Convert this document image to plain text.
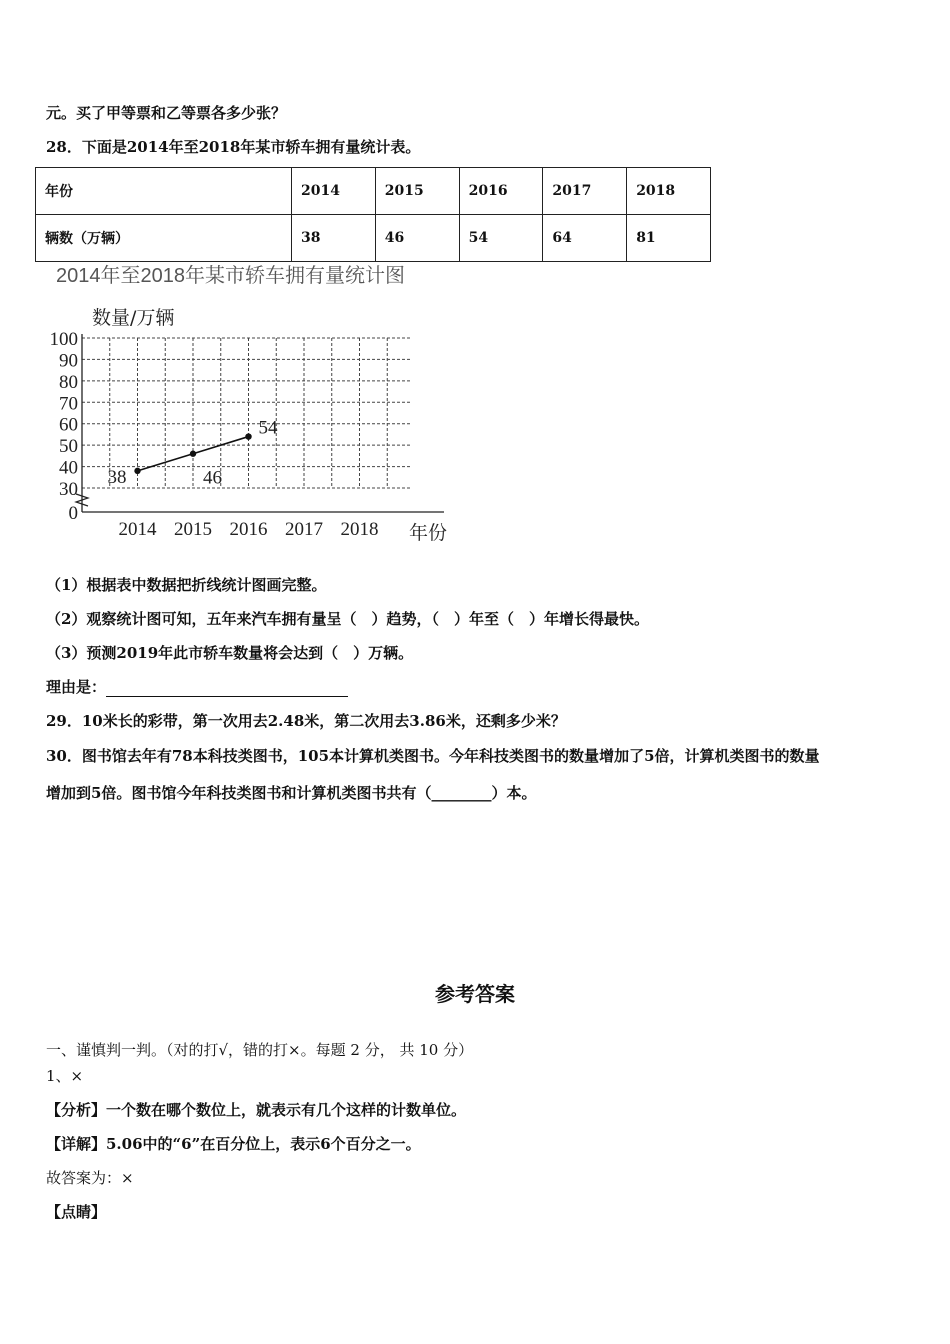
元。买了甲等票和乙等票各多少张？
28．下面是2014年至2018年某市轿车拥有量统计表。
年份	2014	2015	2016	2017	2018
辆数（万辆）	38	46	54	64	81
2014年至2018年某市轿车拥有量统计图
数量/万辆
年份
0
30
40
50
60
70
80
90
100
2014 2015 2016 2017 2018
38	46
54
（1）根据表中数据把折线统计图画完整。
（2）观察统计图可知，五年来汽车拥有量呈（　）趋势，（　）年至（　）年增长得最快。
（3）预测2019年此市轿车数量将会达到（　）万辆。
理由是：
29．10米长的彩带，第一次用去2.48米，第二次用去3.86米，还剩多少米？
30．图书馆去年有78本科技类图书，105本计算机类图书。今年科技类图书的数量增加了5倍，计算机类图书的数量
增加到5倍。图书馆今年科技类图书和计算机类图书共有（________）本。
参考答案
一、谨慎判一判。（对的打√，错的打×。每题 2 分， 共 10 分）
1、×
【分析】一个数在哪个数位上，就表示有几个这样的计数单位。
【详解】5.06中的“6”在百分位上，表示6个百分之一。
故答案为：×
【点睛】
